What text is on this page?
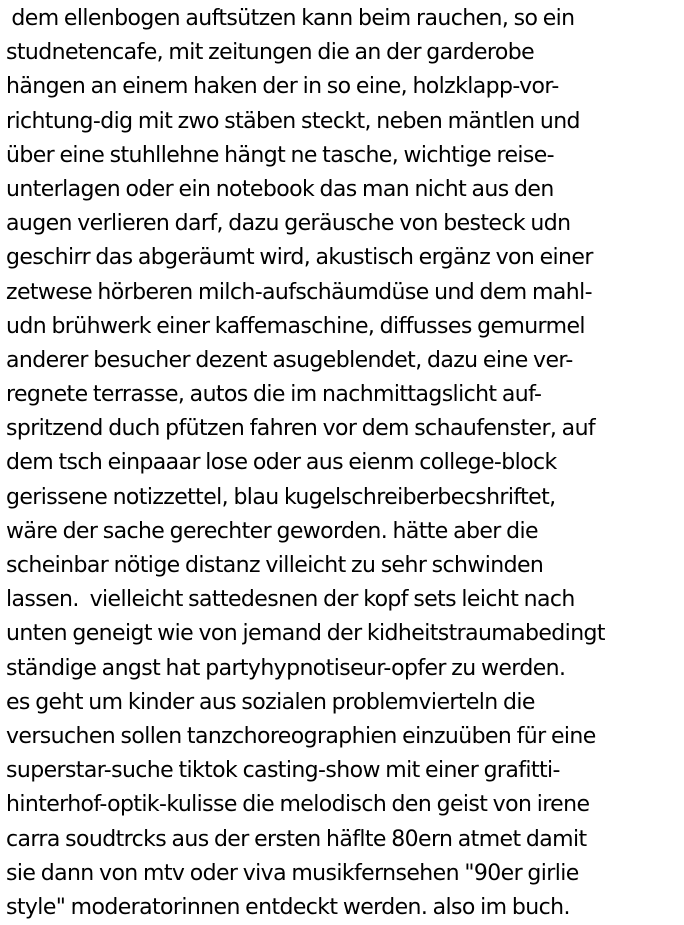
dem ellenbogen auftsützen kann beim rauchen, so ein
studnetencafe, mit zeitungen die an der garderobe
hängen an einem haken der in so eine, holzklapp-vor-
richtung-dig mit zwo stäben steckt, neben mäntlen und
über eine stuhllehne hängt ne tasche, wichtige reise-
unterlagen oder ein notebook das man nicht aus den
augen verlieren darf, dazu geräusche von besteck udn
geschirr das abgeräumt wird, akustisch ergänz von einer
zetwese hörberen milch-aufschäumdüse und dem mahl-
udn brühwerk einer kaffemaschine, diffusses gemurmel
anderer besucher dezent asugeblendet, dazu eine ver-
regnete terrasse, autos die im nachmittagslicht auf-
spritzend duch pfützen fahren vor dem schaufenster, auf
dem tsch einpaaar lose oder aus eienm college-block
gerissene notizzettel, blau kugelschreiberbecshriftet,
wäre der sache gerechter geworden. hätte aber die
scheinbar nötige distanz villeicht zu sehr schwinden
lassen.  vielleicht sattedesnen der kopf sets leicht nach
unten geneigt wie von jemand der kidheitstraumabedingt
ständige angst hat partyhypnotiseur-opfer zu werden.
es geht um kinder aus sozialen problemvierteln die
versuchen sollen tanzchoreographien einzuüben für eine
superstar-suche tiktok casting-show mit einer grafitti-
hinterhof-optik-kulisse die melodisch den geist von irene
carra soudtrcks aus der ersten häflte 80ern atmet damit
sie dann von mtv oder viva musikfernsehen "90er girlie
style" moderatorinnen entdeckt werden. also im buch.
